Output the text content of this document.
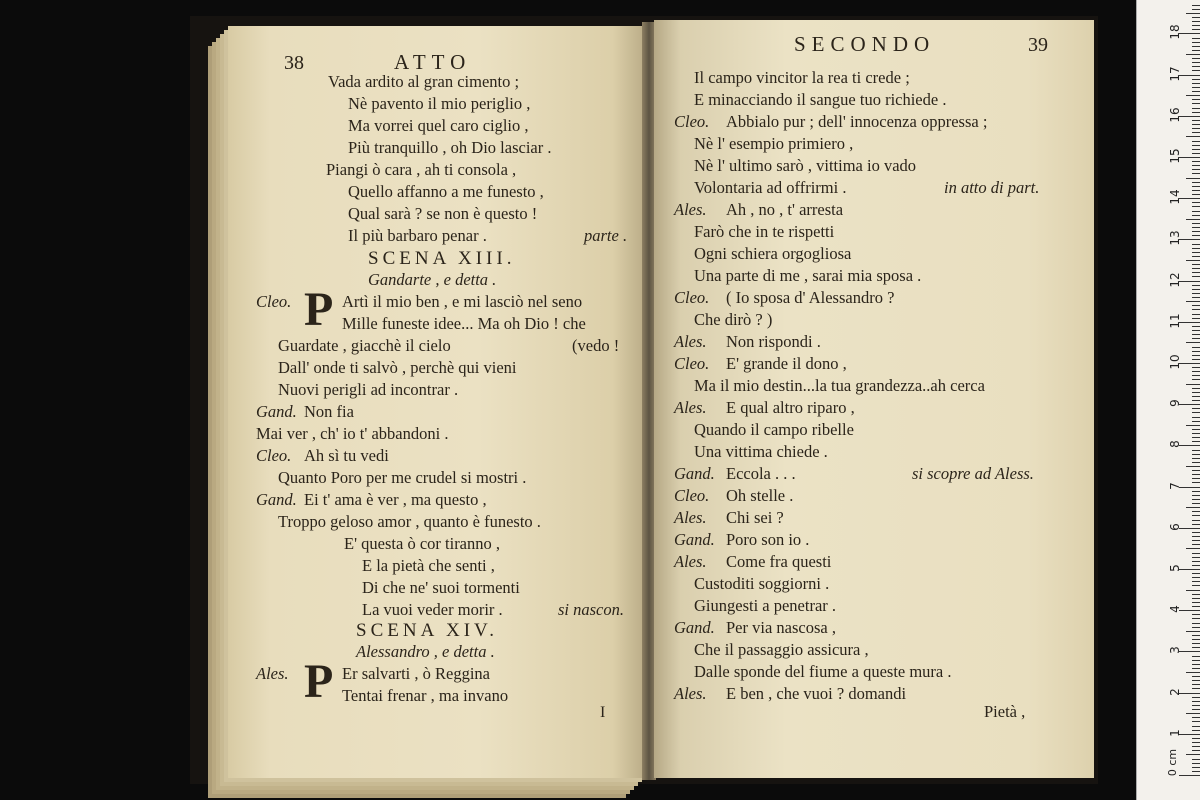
38	ATTO
Vada ardito al gran cimento ;
Nè pavento il mio periglio ,
Ma vorrei quel caro ciglio ,
Più tranquillo , oh Dio lasciar .
Piangi ò cara , ah ti consola ,
Quello affanno a me funesto ,
Qual sarà ? se non è questo !
Il più barbaro penar .	parte .
SCENA XIII.
Gandarte , e detta .
Cleo. P Artì il mio ben , e mi lasciò nel seno
Mille funeste idee... Ma oh Dio ! che
Guardate , giacchè il cielo	(vedo !
Dall' onde ti salvò , perchè qui vieni
Nuovi perigli ad incontrar .
Gand. Non fia
Mai ver , ch' io t' abbandoni .
Cleo. Ah sì tu vedi
Quanto Poro per me crudel si mostri .
Gand. Ei t' ama è ver , ma questo ,
Troppo geloso amor , quanto è funesto .
E' questa ò cor tiranno ,
E la pietà che senti ,
Di che ne' suoi tormenti
La vuoi veder morir .	si nascon.
SCENA XIV.
Alessandro , e detta .
Ales. P Er salvarti , ò Reggina
Tentai frenar , ma invano
I
SECONDO	39
Il campo vincitor la rea ti crede ;
E minacciando il sangue tuo richiede .
Cleo. Abbialo pur ; dell' innocenza oppressa ;
Nè l' esempio primiero ,
Nè l' ultimo sarò , vittima io vado
Volontaria ad offrirmi .
Ales. Ah , no , t' arresta
Farò che in te rispetti
Ogni schiera orgogliosa
Una parte di me , sarai mia sposa .
Cleo. ( Io sposa d' Alessandro ?
Che dirò ? )
Ales. Non rispondi .
Cleo. E' grande il dono ,
Ma il mio destin...la tua grandezza..ah cerca
Ales. E qual altro riparo ,
Quando il campo ribelle
Una vittima chiede .
Gand. Eccola . . .
Cleo. Oh stelle .
Ales. Chi sei ?
Gand. Poro son io .
Ales. Come fra questi
Custoditi soggiorni .
Giungesti a penetrar .
Gand. Per via nascosa ,
Che il passaggio assicura ,
Dalle sponde del fiume a queste mura .
Ales. E ben , che vuoi ? domandi
in atto di part.
si scopre ad Aless.
Pietà ,
1
2
3
4
5
6
7
8
9
10
11
12
13
14
15
16
17
18
0 cm
